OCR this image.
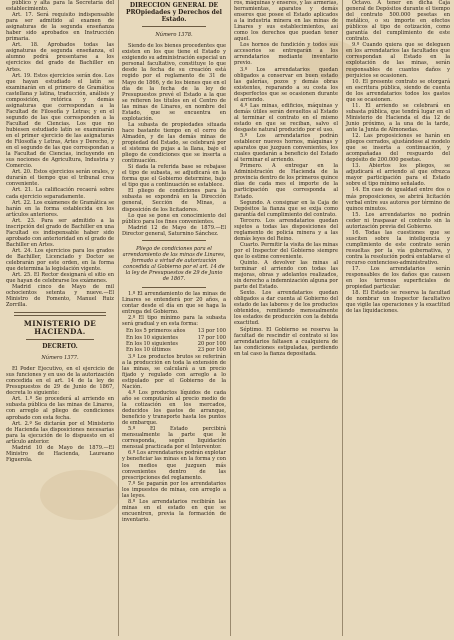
público y alta para la Secretaría del establecimiento.

Art. 17. Será requisito indispensable para ser admitido al examen de asignaturas de la segunda enseñanza haber sido aprobados en Instrucción primaria.

Art. 18. Aprobados todas las asignaturas de segunda enseñanza, el alumno podrá presentarse a los ejercicios del grado de Bachiller en Artes.

Art. 19. Estos ejercicios serán dos. Los que hayan estudiado el latín se examinarán en el primero de Gramática castellana y latina, traducción, análisis y composición, retórica y demás asignaturas que correspondan a la Facultad de Filosofía y Letras; y en el segundo de las que corresponden a la Facultad de Ciencias. Los que no hubiesen estudiado latín se examinarán en el primer ejercicio de las asignaturas de Filosofía y Letras, Artes y Derecho, y en el segundo de las que correspondan a la Facultad de Ciencias, incluyendo en sus nociones de Agricultura, Industria y Comercio.

Art. 20. Estos ejercicios serán orales, y durarán el tiempo que el tribunal crea conveniente.

Art. 21. La calificación recaerá sobre cada ejercicio separadamente.

Art. 22. Los exámenes de Gramática se harán en la forma establecida en los artículos anteriores.

Art. 23. Para ser admitido a la inscripción del grado de Bachiller en una Facultad es indispensable haber sido aprobado con anterioridad en el grado de Bachiller en Artes.

Art. 24. Los ejercicios para los grados de Bachiller, Licenciado y Doctor se celebrarán por este orden, en la forma que determina la legislación vigente.

Art. 25. El Rector designará el sitio en que hayan de celebrarse los exámenes.

Madrid cinco de Mayo de mil ochocientos setenta y nueve.—El Ministro de Fomento, Manuel Ruiz Zorrilla.

MINISTERIO DE HACIENDA.

DECRETO.

Número 1377.

El Poder Ejecutivo, en el ejercicio de sus funciones y en uso de la autorización concedida en el art. 14 de la ley de Presupuestos de 29 de Junio de 1867, decreta lo siguiente:

Art. 1.º Se procederá al arriendo en subasta pública de las minas de Linares, con arreglo al pliego de condiciones aprobado con esta fecha.

Art. 2.º Se dictarán por el Ministerio de Hacienda las disposiciones necesarias para la ejecución de lo dispuesto en el artículo anterior.

Madrid 10 de Mayo de 1879.—El Ministro de Hacienda, Laureano Figuerola.

DIRECCION GENERAL DE PROpiedades y Derechos del Estado.

Número 1378.

Siendo de los bienes procedentes que existen en los que tiene el Estado y exigiendo su administración especial un personal facultativo, constituye lo que desde la fecha de su creación está regido por el reglamento de 31 de Mayo de 1866, y de los bienes que en el día de la fecha de la ley de Presupuestos prevé el Estado a la que se refieren los títulos en el Centro de las minas de Linares, en nombre del Estado, que se encuentra en explotación.

La subasta de propiedades situada hace bastante tiempo en el cerro de Almadén, y de las demás minas de propiedad del Estado, se celebrará por el sistema de pujas a la llana, bajo el pliego de condiciones que se inserta a continuación.

Si dada la referida base se rebajase el tipo de subasta, se adjudicará en la forma que el Gobierno determine, bajo el tipo que a continuación se establece.

El pliego de condiciones para la subasta se expondrá en la Dirección general, Sección de Minas, a disposición de los licitadores.

Lo que se pone en conocimiento del público para los fines convenientes.

Madrid 12 de Mayo de 1879.—El Director general, Saturnino Sánchez.

Pliego de condiciones para el arrendamiento de las minas de Linares, formado a virtud de autorización concedida al Gobierno por el art. 14 de la ley de Presupuestos de 29 de Junio de 1867.

1.º El arrendamiento de las minas de Linares se entenderá por 20 años, a contar desde el día en que se haga la entrega del Gobierno.

2.º El tipo mínimo para la subasta será gradual y en esta forma:

En los 5 primeros años 13 por 100
En los 10 siguientes	17 por 100
En los 10 siguientes	20 por 100
En los 10 últimos	23 por 100

3.º Los productos brutos se referirán a la producción en toda la extensión de las minas, se calculará a un precio fijado y regulado con arreglo a lo estipulado por el Gobierno de la Nación.

4.º Los productos líquidos de cada año se computarán al precio medio de la cotización en los mercados, deducidos los gastos de arranque, beneficio y transporte hasta los puntos de embarque.

5.º El Estado percibirá mensualmente la parte que le corresponda, según liquidación mensual practicada por el Interventor.

6.º Los arrendatarios podrán explotar y beneficiar las minas en la forma y con los medios que juzguen más convenientes dentro de las prescripciones del reglamento.

7.º Se pagarán por los arrendatarios los impuestos de minas, con arreglo a las leyes.

8.º Los arrendatarios recibirán las minas en el estado en que se encuentren, previa la formación de inventario.

ros, máquinas y enseres, y las armerías, herramientas, aparatos y demás enseres que posee el Estado aplicados a la industria minera en las minas de Linares y sus establecimientos, así como los derechos que puedan tener aquel.

Los hornos de fundición y todos sus accesorios se entregarán a los arrendatarios mediante inventario previo.

3.º Los arrendatarios quedan obligados a conservar en buen estado las galerías, pozos y demás obras existentes, reparando a su costa los desperfectos que se ocasionen durante el arriendo.

4.º Las minas, edificios, máquinas y demás útiles serán devueltos al Estado al terminar el contrato en el mismo estado en que se reciban, salvo el desgaste natural producido por el uso.

5.º Los arrendatarios podrán establecer nuevos hornos, máquinas y aparatos que juzguen convenientes, los cuales quedarán a beneficio del Estado al terminar el arriendo.

Primero. A entregar en la Administración de Hacienda de la provincia dentro de los primeros quince días de cada mes el importe de la participación que corresponda al Estado.

Segundo. A consignar en la Caja de Depósitos la fianza que se exija como garantía del cumplimiento del contrato.

Tercero. Los arrendatarios quedan sujetos a todas las disposiciones del reglamento de policía minera y a las demás leyes del Reino.

Cuarto. Permitir la visita de las minas por el Inspector del Gobierno siempre que lo estime conveniente.

Quinto. A devolver las minas al terminar el arriendo con todas las mejoras, obras y adelantos realizados, sin derecho a indemnización alguna por parte del Estado.

Sexto. Los arrendatarios quedan obligados a dar cuenta al Gobierno del estado de las labores y de los productos obtenidos, remitiendo mensualmente los estados de producción con la debida exactitud.

Séptimo. El Gobierno se reserva la facultad de rescindir el contrato si los arrendatarios faltasen a cualquiera de las condiciones estipuladas, perdiendo en tal caso la fianza depositada.

Octavo. A tener en dicha Caja general de Depósitos durante el tiempo del contrato 500.000 pesetas en metálico, o su importe en efectos públicos al tipo de cotización, como garantía del cumplimiento de este contrato.

9.º Cuando quiera que se deleguen en los arrendatarios las facultades que correspondan al Estado en la explotación de las minas, serán responsables de cuantos daños y perjuicios se ocasionen.

10. El presente contrato se otorgará en escritura pública, siendo de cuenta de los arrendatarios todos los gastos que se ocasionen.

11. El arriendo se celebrará en subasta pública, que tendrá lugar en el Ministerio de Hacienda el día 12 de Junio próximo, a la una de la tarde, ante la Junta de Almonedas.

12. Las proposiciones se harán en pliegos cerrados, ajustándose al modelo que se inserta a continuación, y acompañadas del resguardo del depósito de 200.000 pesetas.

13. Abiertos los pliegos, se adjudicará el arriendo al que ofrezca mayor participación para el Estado sobre el tipo mínimo señalado.

14. En caso de igualdad entre dos o más proposiciones, se abrirá licitación verbal entre sus autores por término de quince minutos.

15. Los arrendatarios no podrán ceder ni traspasar el contrato sin la autorización previa del Gobierno.

16. Todas las cuestiones que se susciten sobre la inteligencia y cumplimiento de este contrato serán resueltas por la vía gubernativa, y contra la resolución podrá entablarse el recurso contencioso-administrativo.

17. Los arrendatarios serán responsables de los daños que causen en los terrenos superficiales de propiedad particular.

18. El Estado se reserva la facultad de nombrar un Inspector facultativo que vigile las operaciones y la exactitud de las liquidaciones.
